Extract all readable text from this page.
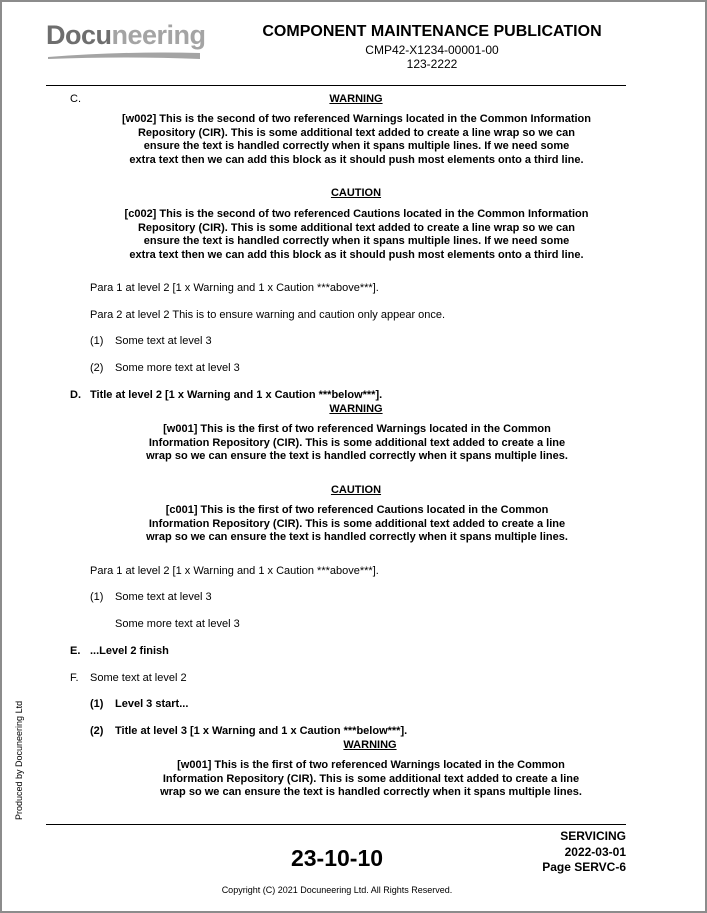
Docuneering	COMPONENT MAINTENANCE PUBLICATION
CMP42-X1234-00001-00
123-2222
C.	WARNING
[w002] This is the second of two referenced Warnings located in the Common Information
Repository (CIR). This is some additional text added to create a line wrap so we can
ensure the text is handled correctly when it spans multiple lines. If we need some
extra text then we can add this block as it should push most elements onto a third line.
CAUTION
[c002] This is the second of two referenced Cautions located in the Common Information
Repository (CIR). This is some additional text added to create a line wrap so we can
ensure the text is handled correctly when it spans multiple lines. If we need some
extra text then we can add this block as it should push most elements onto a third line.
Para 1 at level 2 [1 x Warning and 1 x Caution ***above***].
Para 2 at level 2 This is to ensure warning and caution only appear once.
(1) Some text at level 3
(2) Some more text at level 3
D. Title at level 2 [1 x Warning and 1 x Caution ***below***].
WARNING
[w001] This is the first of two referenced Warnings located in the Common
Information Repository (CIR). This is some additional text added to create a line
wrap so we can ensure the text is handled correctly when it spans multiple lines.
CAUTION
[c001] This is the first of two referenced Cautions located in the Common
Information Repository (CIR). This is some additional text added to create a line
wrap so we can ensure the text is handled correctly when it spans multiple lines.
Para 1 at level 2 [1 x Warning and 1 x Caution ***above***].
(1) Some text at level 3
Some more text at level 3
E. ...Level 2 finish
F. Some text at level 2
(1) Level 3 start...
(2) Title at level 3 [1 x Warning and 1 x Caution ***below***].
WARNING
[w001] This is the first of two referenced Warnings located in the Common
Information Repository (CIR). This is some additional text added to create a line
wrap so we can ensure the text is handled correctly when it spans multiple lines.
Produced by Docuneering Ltd
23-10-10
SERVICING
2022-03-01
Page SERVC-6
Copyright (C) 2021 Docuneering Ltd. All Rights Reserved.
